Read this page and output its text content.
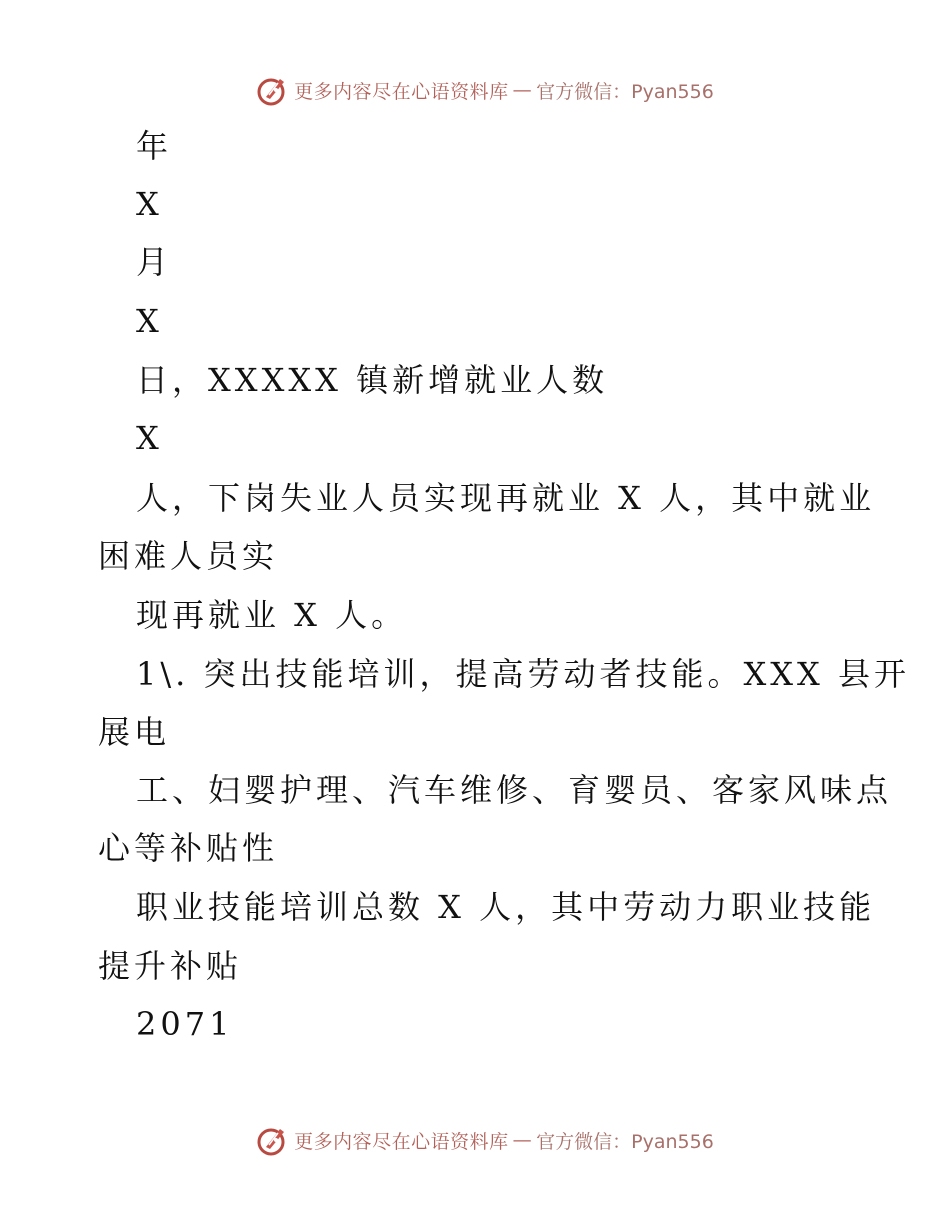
更多内容尽在心语资料库 — 官方微信：Pyan556
年
X
月
X
日，XXXXX 镇新增就业人数
X
人，下岗失业人员实现再就业 X 人，其中就业
困难人员实
现再就业 X 人。
1\. 突出技能培训，提高劳动者技能。XXX 县开
展电
工、妇婴护理、汽车维修、育婴员、客家风味点
心等补贴性
职业技能培训总数 X 人，其中劳动力职业技能
提升补贴
2071
更多内容尽在心语资料库 — 官方微信：Pyan556
